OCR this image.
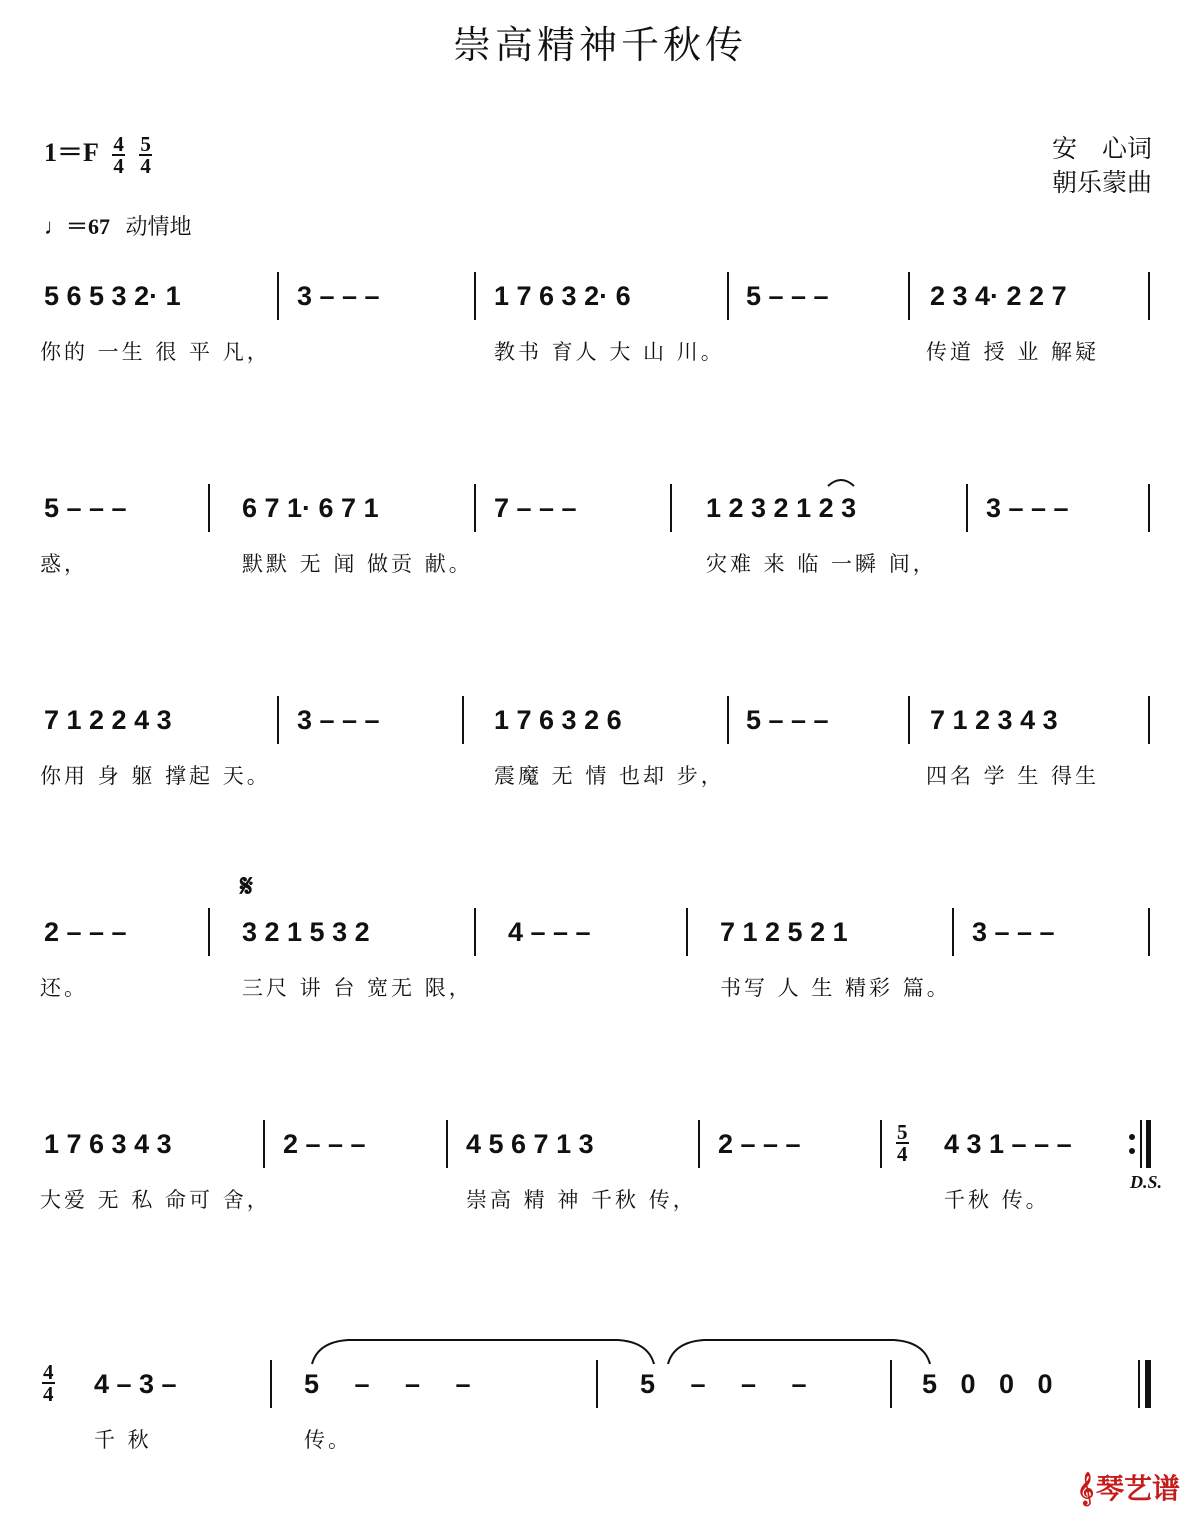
崇高精神千秋传
$1=F \frac{4}{4}$
$\frac{5}{4}$	安　心词
朝乐蒙曲
♩＝67 动情地
5 6 5 3 2· 1
你的 一生 很 平 凡，
3 – – –	1 7 6 3 2· 6
教书 育人 大 山 川。
5 – – –	2 3 4· 2 2 7
传道 授 业 解疑
5 – – –
惑，
6 7 1· 6 7 1
默默 无 闻 做贡 献。
7 – – –	1 2 3 2 1 2 3
灾难 来 临 一瞬 间，
3 – – –
7 1 2 2 4 3
你用 身 躯 撑起 天。
3 – – –	1 7 6 3 2 6
震魔 无 情 也却 步，
5 – – –	7 1 2 3 4 3
四名 学 生 得生
𝄋
2 – – –
还。
3 2 1 5 3 2
三尺 讲 台 宽无 限，
4 – – –	7 1 2 5 2 1
书写 人 生 精彩 篇。
3 – – –
1 7 6 3 4 3
大爱 无 私 命可 舍，
2 – – –	4 5 6 7 1 3
崇高 精 神 千秋 传，
2 – – –	$\frac{5}{4} 4$ 3 1 – – –
千秋 传。
D.S.
$\frac{4}{4} 4 - 3$ –
千 秋
5 – – –
传。
5 – – –	5 0 0 0
𝄞琴艺谱
